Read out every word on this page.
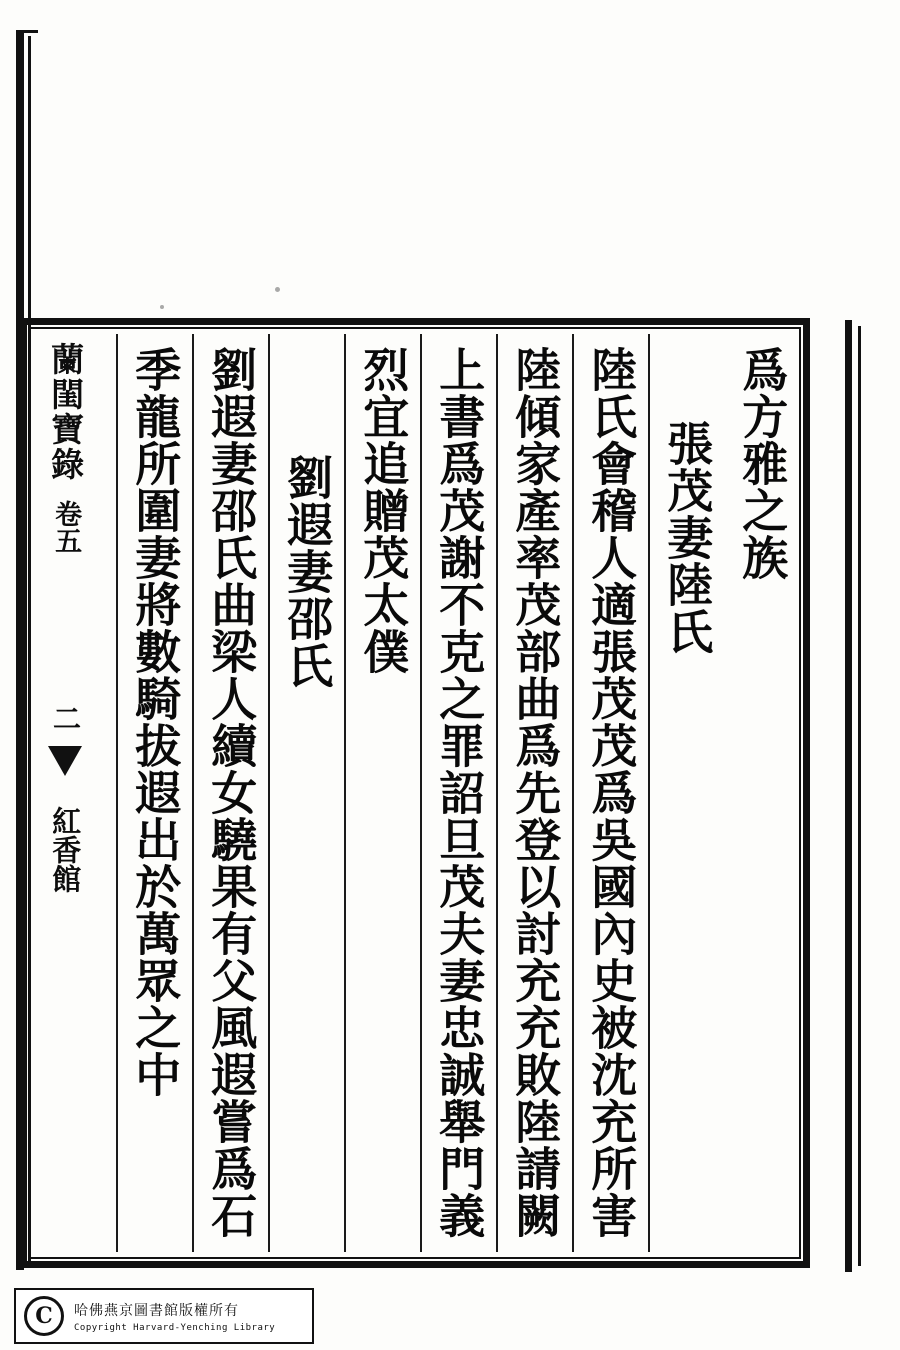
蘭閨寶錄
卷五
二
紅香館
爲方雅之族
張茂妻陸氏
陸氏會稽人適張茂茂爲吳國內史被沈充所害
陸傾家產率茂部曲爲先登以討充充敗陸請闕
上書爲茂謝不克之罪詔旦茂夫妻忠誠舉門義
烈宜追贈茂太僕
劉遐妻邵氏
劉遐妻邵氏曲梁人續女驍果有父風遐嘗爲石
季龍所圍妻將數騎拔遐出於萬眾之中
C	哈佛燕京圖書館版權所有
Copyright Harvard-Yenching Library
